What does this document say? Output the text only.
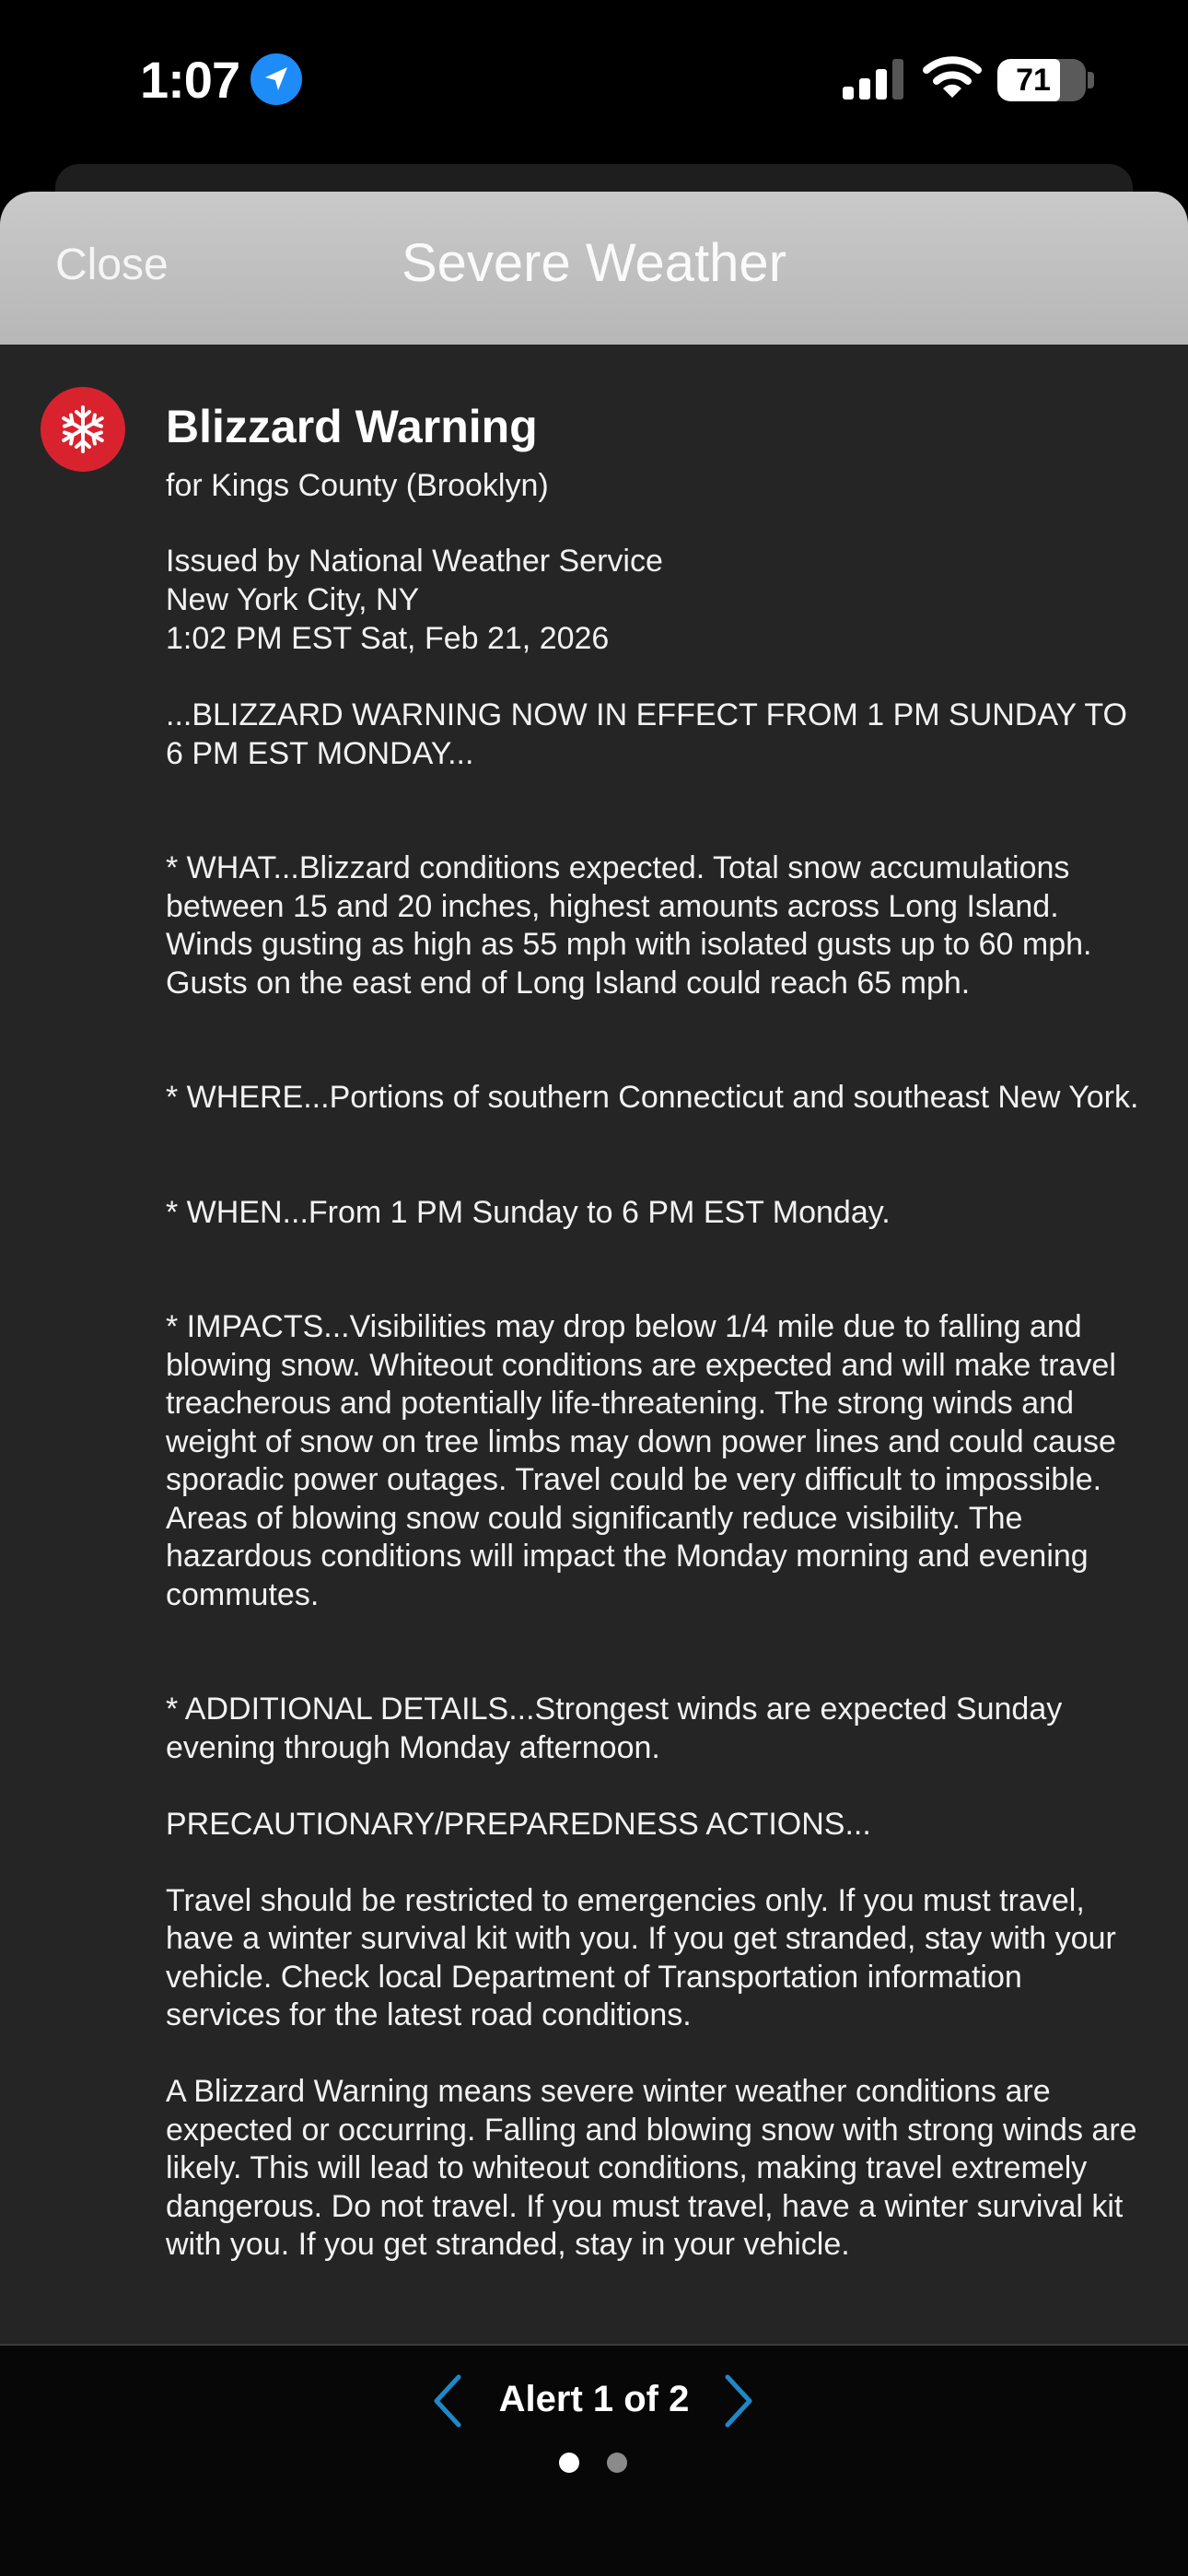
1:07	71
Close	Severe Weather
Blizzard Warning
for Kings County (Brooklyn)
Issued by National Weather Service
New York City, NY
1:02 PM EST Sat, Feb 21, 2026

...BLIZZARD WARNING NOW IN EFFECT FROM 1 PM SUNDAY TO 6 PM EST MONDAY...

* WHAT...Blizzard conditions expected. Total snow accumulations between 15 and 20 inches, highest amounts across Long Island. Winds gusting as high as 55 mph with isolated gusts up to 60 mph. Gusts on the east end of Long Island could reach 65 mph.

* WHERE...Portions of southern Connecticut and southeast New York.

* WHEN...From 1 PM Sunday to 6 PM EST Monday.

* IMPACTS...Visibilities may drop below 1/4 mile due to falling and blowing snow. Whiteout conditions are expected and will make travel treacherous and potentially life-threatening. The strong winds and weight of snow on tree limbs may down power lines and could cause sporadic power outages. Travel could be very difficult to impossible. Areas of blowing snow could significantly reduce visibility. The hazardous conditions will impact the Monday morning and evening commutes.

* ADDITIONAL DETAILS...Strongest winds are expected Sunday evening through Monday afternoon.

PRECAUTIONARY/PREPAREDNESS ACTIONS...

Travel should be restricted to emergencies only. If you must travel, have a winter survival kit with you. If you get stranded, stay with your vehicle. Check local Department of Transportation information services for the latest road conditions.

A Blizzard Warning means severe winter weather conditions are expected or occurring. Falling and blowing snow with strong winds are likely. This will lead to whiteout conditions, making travel extremely dangerous. Do not travel. If you must travel, have a winter survival kit with you. If you get stranded, stay in your vehicle.

Alert 1 of 2
